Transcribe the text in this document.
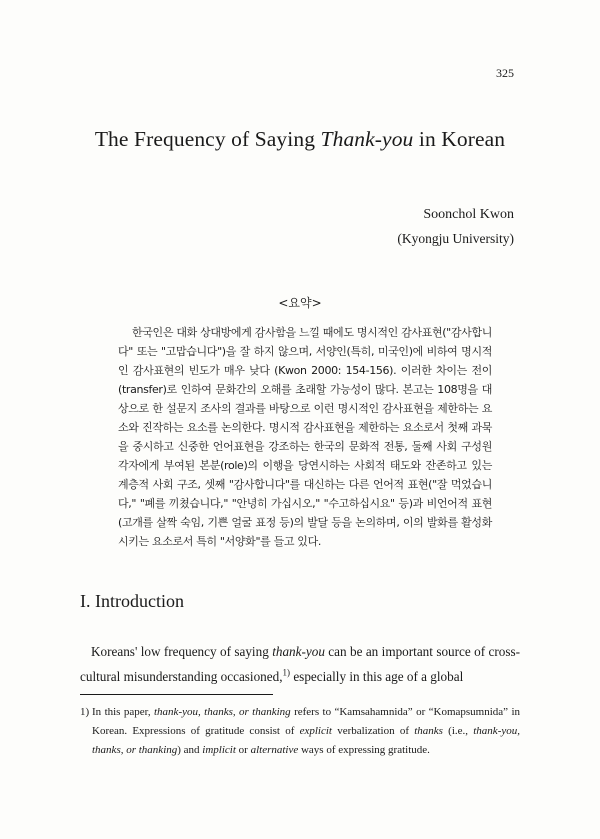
325
The Frequency of Saying Thank-you in Korean
Soonchol Kwon
(Kyongju University)
<요약>

한국인은 대화 상대방에게 감사함을 느낄 때에도 명시적인 감사표현("감사합니다" 또는 "고맙습니다")을 잘 하지 않으며, 서양인(특히, 미국인)에 비하여 명시적인 감사표현의 빈도가 매우 낮다 (Kwon 2000: 154-156). 이러한 차이는 전이(transfer)로 인하여 문화간의 오해를 초래할 가능성이 많다. 본고는 108명을 대상으로 한 설문지 조사의 결과를 바탕으로 이런 명시적인 감사표현을 제한하는 요소와 진작하는 요소를 논의한다. 명시적 감사표현을 제한하는 요소로서 첫째 과묵을 중시하고 신중한 언어표현을 강조하는 한국의 문화적 전통, 둘째 사회 구성원 각자에게 부여된 본분(role)의 이행을 당연시하는 사회적 태도와 잔존하고 있는 계층적 사회 구조, 셋째 "감사합니다"를 대신하는 다른 언어적 표현("잘 먹었습니다," "폐를 끼쳤습니다," "안녕히 가십시오," "수고하십시요" 등)과 비언어적 표현(고개를 살짝 숙임, 기쁜 얼굴 표정 등)의 발달 등을 논의하며, 이의 발화를 활성화시키는 요소로서 특히 "서양화"를 들고 있다.

I. Introduction

Koreans' low frequency of saying thank-you can be an important source of cross-cultural misunderstanding occasioned,$^{1)}$ especially in this age of a global

1) In this paper, thank-you, thanks, or thanking refers to “Kamsahamnida” or “Komapsumnida” in Korean. Expressions of gratitude consist of explicit verbalization of thanks (i.e., thank-you, thanks, or thanking) and implicit or alternative ways of expressing gratitude.
